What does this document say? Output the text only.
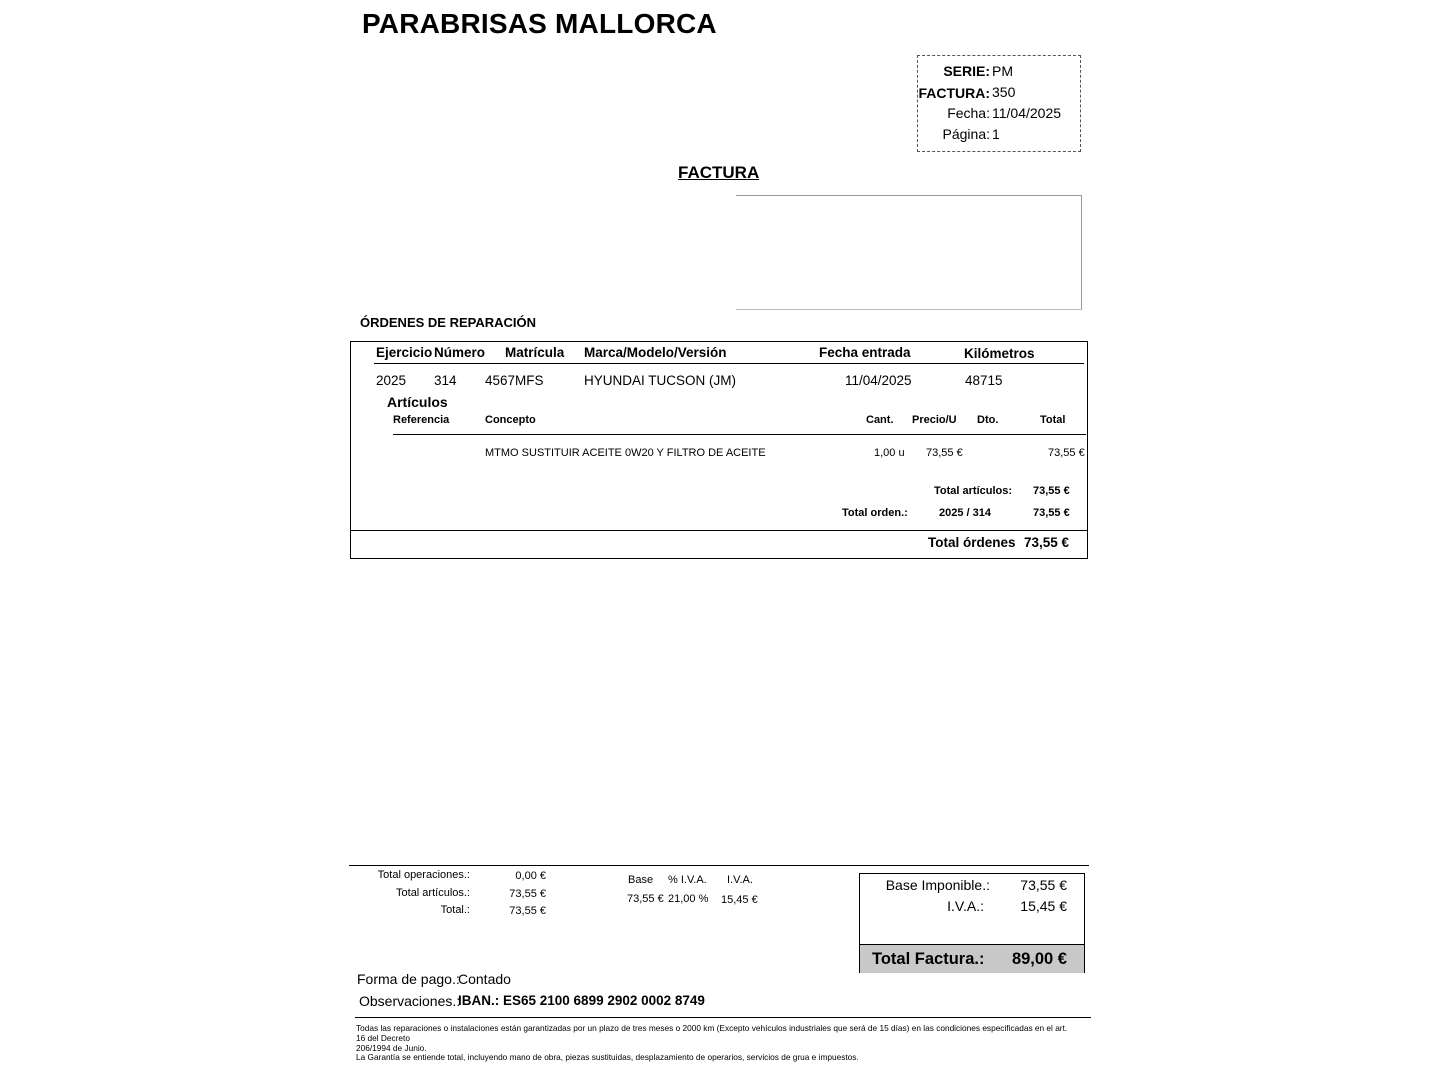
PARABRISAS MALLORCA
SERIE: PM
FACTURA: 350
Fecha: 11/04/2025
Página: 1
FACTURA
ÓRDENES DE REPARACIÓN
Ejercicio Número Matrícula Marca/Modelo/Versión	Fecha entrada	Kilómetros
2025 314 4567MFS	HYUNDAI TUCSON (JM)	11/04/2025	48715
Artículos
Referencia	Concepto	Cant. Precio/U Dto.	Total
MTMO SUSTITUIR ACEITE 0W20 Y FILTRO DE ACEITE	1,00 u 73,55 €	73,55 €
Total artículos: 73,55 €
Total orden.:	2025 / 314	73,55 €
Total órdenes 73,55 €
Total operaciones.:	0,00 €
Total artículos.:	73,55 €
Total.:	73,55 €
Base % I.V.A. I.V.A.
73,55 € 21,00 % 15,45 €
Base Imponible.:	73,55 €
I.V.A.:	15,45 €
Total Factura.:	89,00 €
Forma de pago.:
Contado
Observaciones.:
IBAN.: ES65 2100 6899 2902 0002 8749
Todas las reparaciones o instalaciones están garantizadas por un plazo de tres meses o 2000 km (Excepto vehículos industriales que será de 15 días) en las condiciones especificadas en el art.
16 del Decreto
206/1994 de Junio.
La Garantía se entiende total, incluyendo mano de obra, piezas sustituidas, desplazamiento de operarios, servicios de grua e impuestos.
